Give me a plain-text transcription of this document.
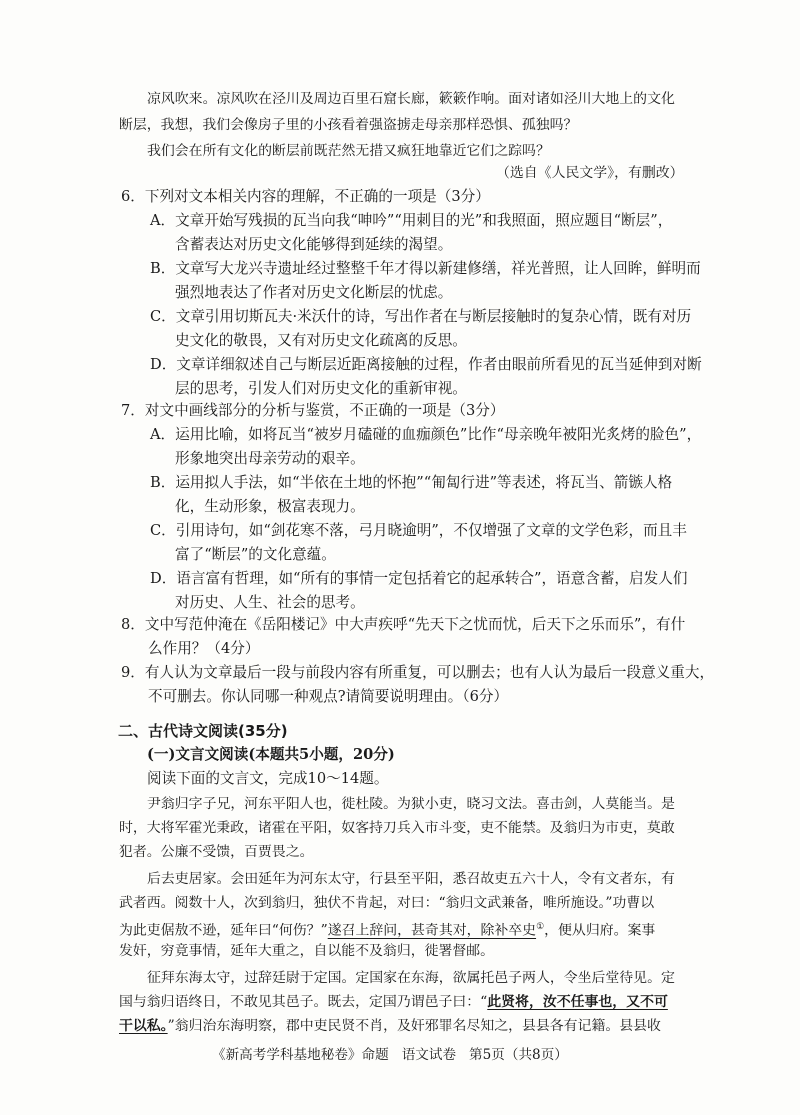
凉风吹来。凉风吹在泾川及周边百里石窟长廊，簌簌作响。面对诸如泾川大地上的文化
断层，我想，我们会像房子里的小孩看着强盗掳走母亲那样恐惧、孤独吗？
我们会在所有文化的断层前既茫然无措又疯狂地靠近它们之踪吗？
（选自《人民文学》，有删改）
6．下列对文本相关内容的理解，不正确的一项是（3分）
A．文章开始写残损的瓦当向我“呻吟”“用刺目的光”和我照面，照应题目“断层”，
含蓄表达对历史文化能够得到延续的渴望。
B．文章写大龙兴寺遗址经过整整千年才得以新建修缮，祥光普照，让人回眸，鲜明而
强烈地表达了作者对历史文化断层的忧虑。
C．文章引用切斯瓦夫·米沃什的诗，写出作者在与断层接触时的复杂心情，既有对历
史文化的敬畏，又有对历史文化疏离的反思。
D．文章详细叙述自己与断层近距离接触的过程，作者由眼前所看见的瓦当延伸到对断
层的思考，引发人们对历史文化的重新审视。
7．对文中画线部分的分析与鉴赏，不正确的一项是（3分）
A．运用比喻，如将瓦当“被岁月磕碰的血痂颜色”比作“母亲晚年被阳光炙烤的脸色”，
形象地突出母亲劳动的艰辛。
B．运用拟人手法，如“半依在土地的怀抱”“匍匐行进”等表述，将瓦当、箭镞人格
化，生动形象，极富表现力。
C．引用诗句，如“剑花寒不落，弓月晓逾明”，不仅增强了文章的文学色彩，而且丰
富了“断层”的文化意蕴。
D．语言富有哲理，如“所有的事情一定包括着它的起承转合”，语意含蓄，启发人们
对历史、人生、社会的思考。
8．文中写范仲淹在《岳阳楼记》中大声疾呼“先天下之忧而忧，后天下之乐而乐”，有什
么作用？（4分）
9．有人认为文章最后一段与前段内容有所重复，可以删去；也有人认为最后一段意义重大，
不可删去。你认同哪一种观点?请简要说明理由。（6分）
二、古代诗文阅读(35分)
(一)文言文阅读(本题共5小题，20分)
阅读下面的文言文，完成10～14题。
尹翁归字子兄，河东平阳人也，徙杜陵。为狱小吏，晓习文法。喜击剑，人莫能当。是
时，大将军霍光秉政，诸霍在平阳，奴客持刀兵入市斗变，吏不能禁。及翁归为市吏，莫敢
犯者。公廉不受馈，百贾畏之。
后去吏居家。会田延年为河东太守，行县至平阳，悉召故吏五六十人，令有文者东，有
武者西。阅数十人，次到翁归，独伏不肯起，对曰：“翁归文武兼备，唯所施设。”功曹以
为此吏倨敖不逊，延年曰“何伤？”遂召上辞问，甚奇其对，除补卒史①，便从归府。案事
发奸，穷竟事情，延年大重之，自以能不及翁归，徙署督邮。
征拜东海太守，过辞廷尉于定国。定国家在东海，欲属托邑子两人，令坐后堂待见。定
国与翁归语终日，不敢见其邑子。既去，定国乃谓邑子曰：“此贤将，汝不任事也，又不可
干以私。”翁归治东海明察，郡中吏民贤不肖，及奸邪罪名尽知之，县县各有记籍。县县收
《新高考学科基地秘卷》命题 语文试卷 第5页（共8页）
